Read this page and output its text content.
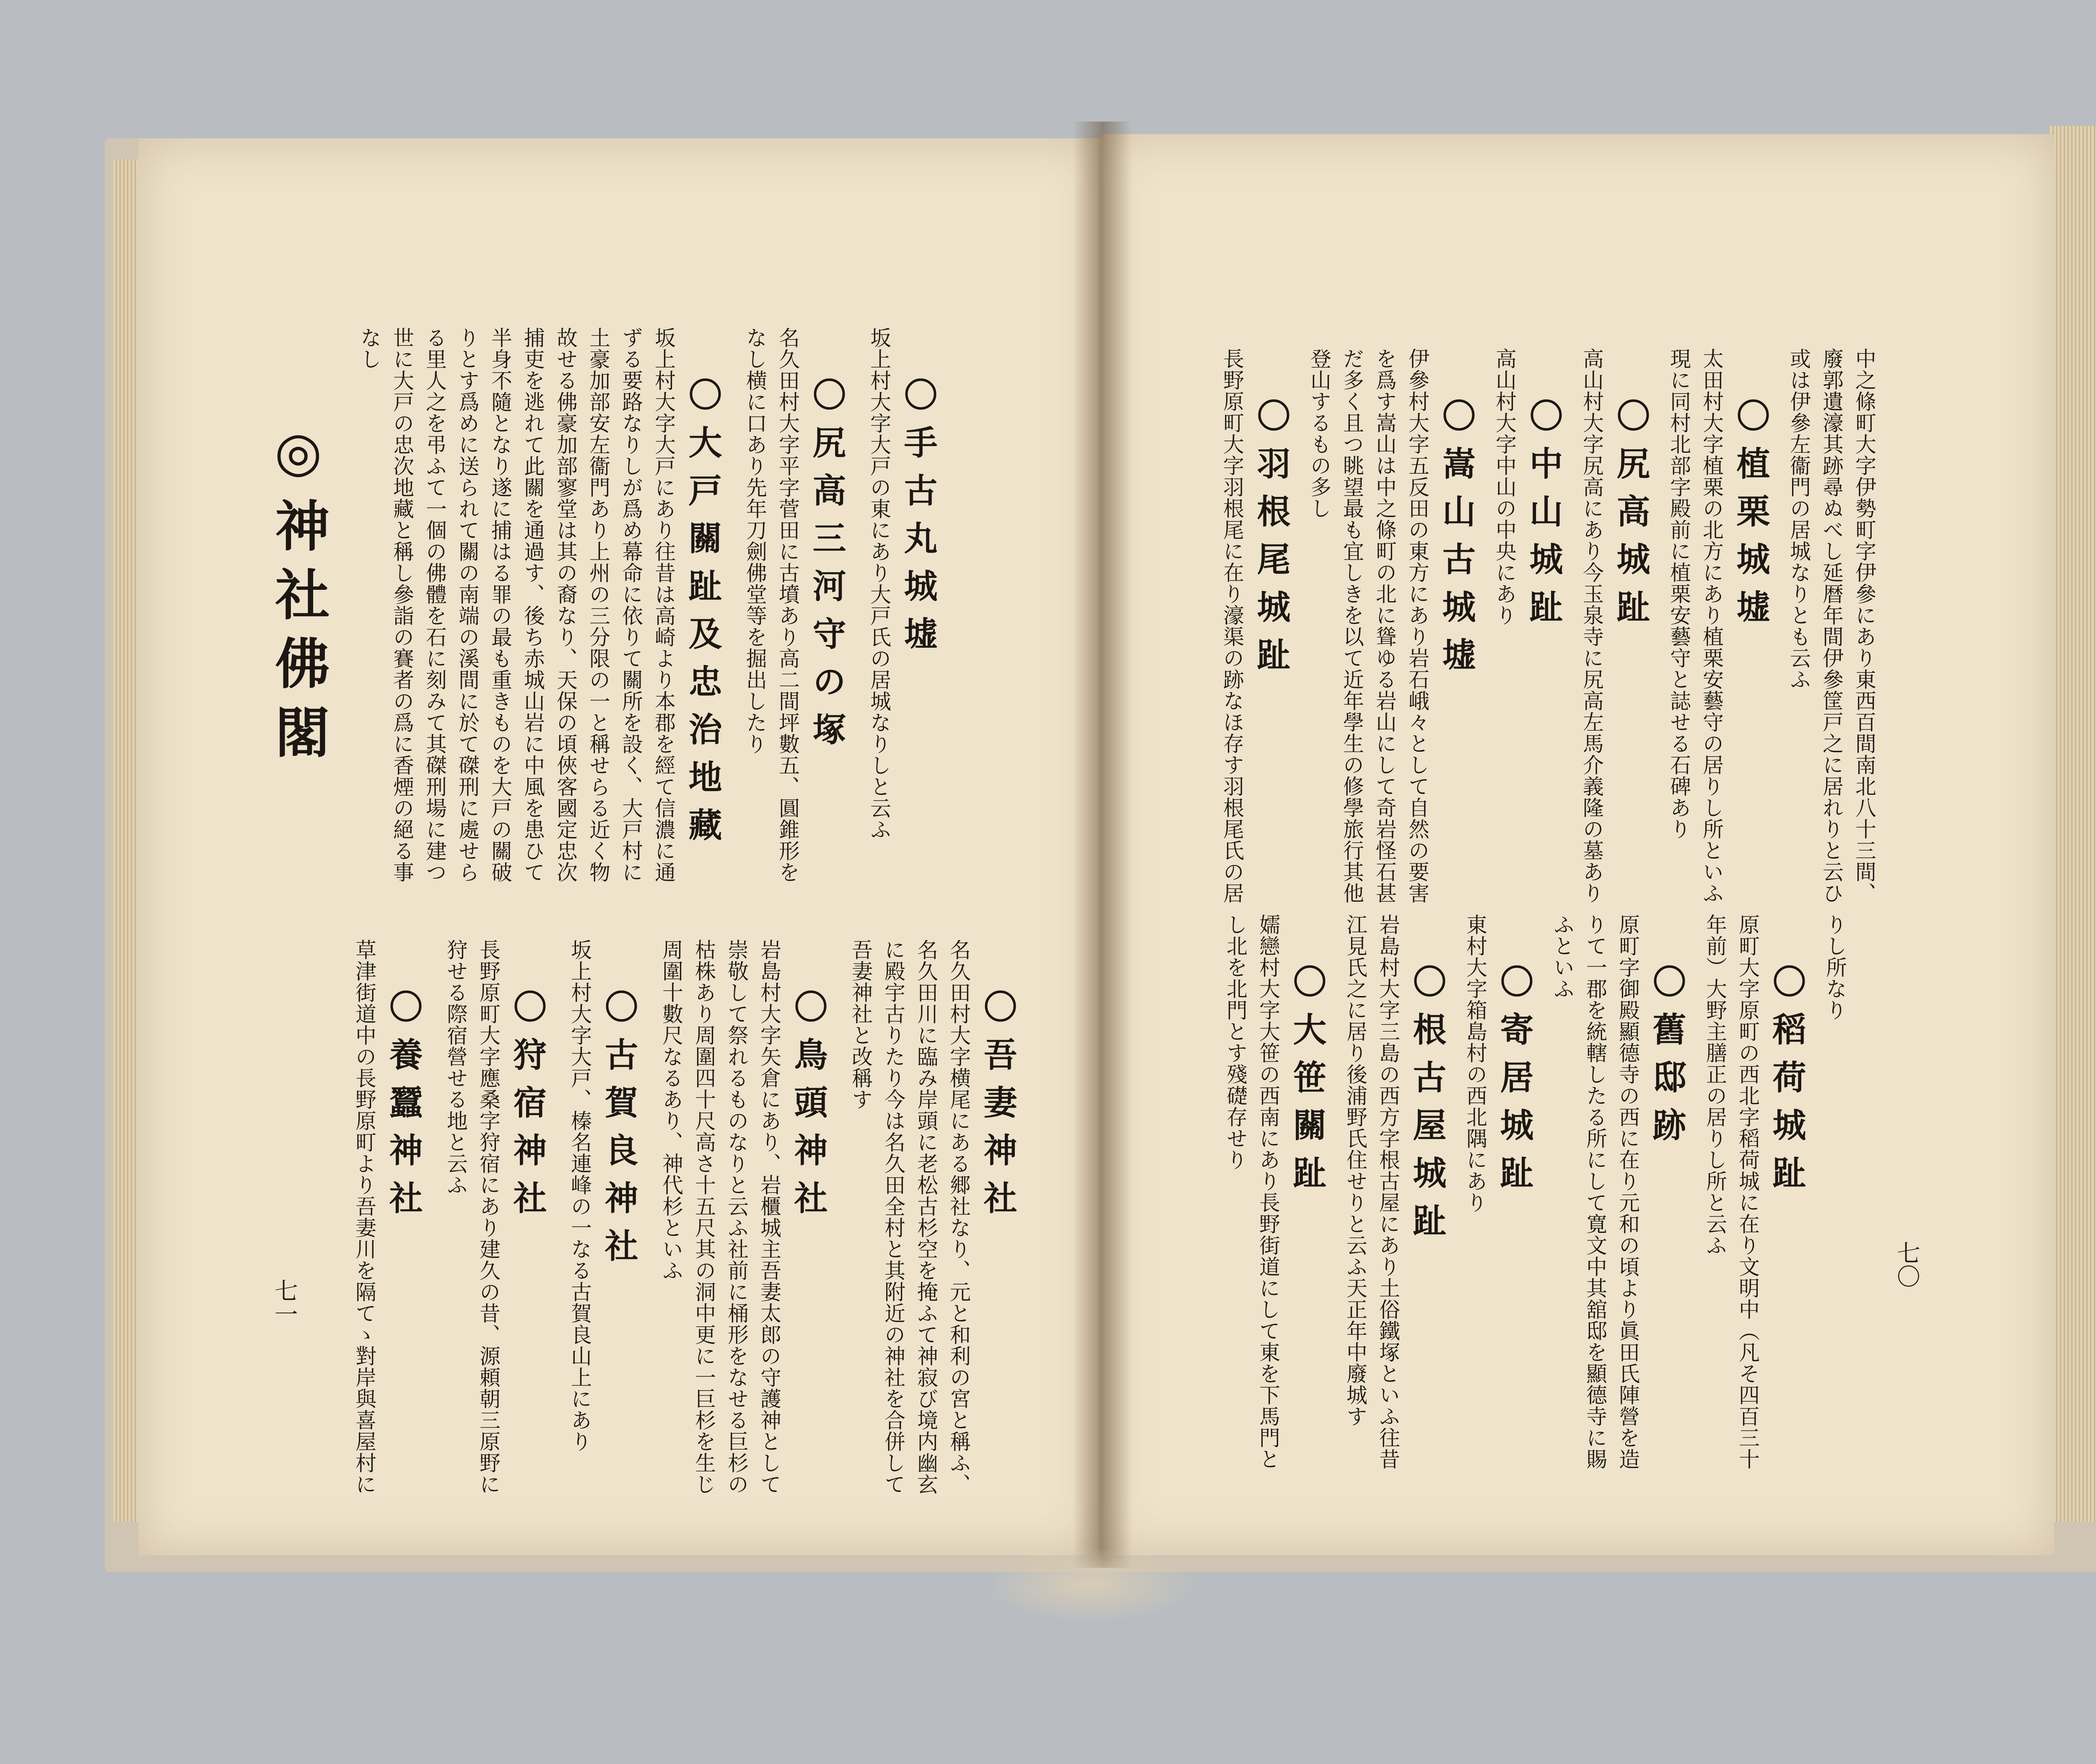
中之條町大字伊勢町字伊參にあり東西百間南北八十三間、
廢郭遺濠其跡尋ぬべし延暦年間伊參筐戸之に居れりと云ひ
或は伊參左衞門の居城なりとも云ふ
〇植栗城墟
太田村大字植栗の北方にあり植栗安藝守の居りし所といふ
現に同村北部字殿前に植栗安藝守と誌せる石碑あり
〇尻高城趾
高山村大字尻高にあり今玉泉寺に尻高左馬介義隆の墓あり
〇中山城趾
高山村大字中山の中央にあり
〇嵩山古城墟
伊參村大字五反田の東方にあり岩石峨々として自然の要害
を爲す嵩山は中之條町の北に聳ゆる岩山にして奇岩怪石甚
だ多く且つ眺望最も宜しきを以て近年學生の修學旅行其他
登山するもの多し
〇羽根尾城趾
長野原町大字羽根尾に在り濠渠の跡なほ存す羽根尾氏の居
りし所なり
〇稻荷城趾
原町大字原町の西北字稻荷城に在り文明中（凡そ四百三十
年前）大野主膳正の居りし所と云ふ
〇舊邸跡
原町字御殿顯德寺の西に在り元和の頃より眞田氏陣營を造
りて一郡を統轄したる所にして寛文中其舘邸を顯德寺に賜
ふといふ
〇寄居城趾
東村大字箱島村の西北隅にあり
〇根古屋城趾
岩島村大字三島の西方字根古屋にあり土俗鐵塚といふ往昔
江見氏之に居り後浦野氏住せりと云ふ天正年中廢城す
〇大笹關趾
嬬戀村大字大笹の西南にあり長野街道にして東を下馬門と
し北を北門とす殘礎存せり
〇手古丸城墟
坂上村大字大戸の東にあり大戸氏の居城なりしと云ふ
〇尻高三河守の塚
名久田村大字平字菅田に古墳あり高二間坪數五、圓錐形を
なし横に口あり先年刀劍佛堂等を掘出したり
〇大戸關趾及忠治地藏
坂上村大字大戸にあり往昔は高崎より本郡を經て信濃に通
ずる要路なりしが爲め幕命に依りて關所を設く、大戸村に
土豪加部安左衞門あり上州の三分限の一と稱せらる近く物
故せる佛豪加部寥堂は其の裔なり、天保の頃俠客國定忠次
捕吏を逃れて此關を通過す、後ち赤城山岩に中風を患ひて
半身不隨となり遂に捕はる罪の最も重きものを大戸の關破
りとす爲めに送られて關の南端の溪間に於て磔刑に處せら
る里人之を弔ふて一個の佛體を石に刻みて其磔刑場に建つ
世に大戸の忠次地藏と稱し參詣の賽者の爲に香煙の絕る事
なし
◎神社佛閣
〇吾妻神社
名久田村大字横尾にある郷社なり、元と和利の宮と稱ふ、
名久田川に臨み岸頭に老松古杉空を掩ふて神寂び境内幽玄
に殿宇古りたり今は名久田全村と其附近の神社を合併して
吾妻神社と改稱す
〇鳥頭神社
岩島村大字矢倉にあり、岩櫃城主吾妻太郎の守護神として
崇敬して祭れるものなりと云ふ社前に桶形をなせる巨杉の
枯株あり周圍四十尺高さ十五尺其の洞中更に一巨杉を生じ
周圍十數尺なるあり、神代杉といふ
〇古賀良神社
坂上村大字大戸、榛名連峰の一なる古賀良山上にあり
〇狩宿神社
長野原町大字應桑字狩宿にあり建久の昔、源頼朝三原野に
狩せる際宿營せる地と云ふ
〇養蠶神社
草津街道中の長野原町より吾妻川を隔てゝ對岸與喜屋村に	七〇
七一
